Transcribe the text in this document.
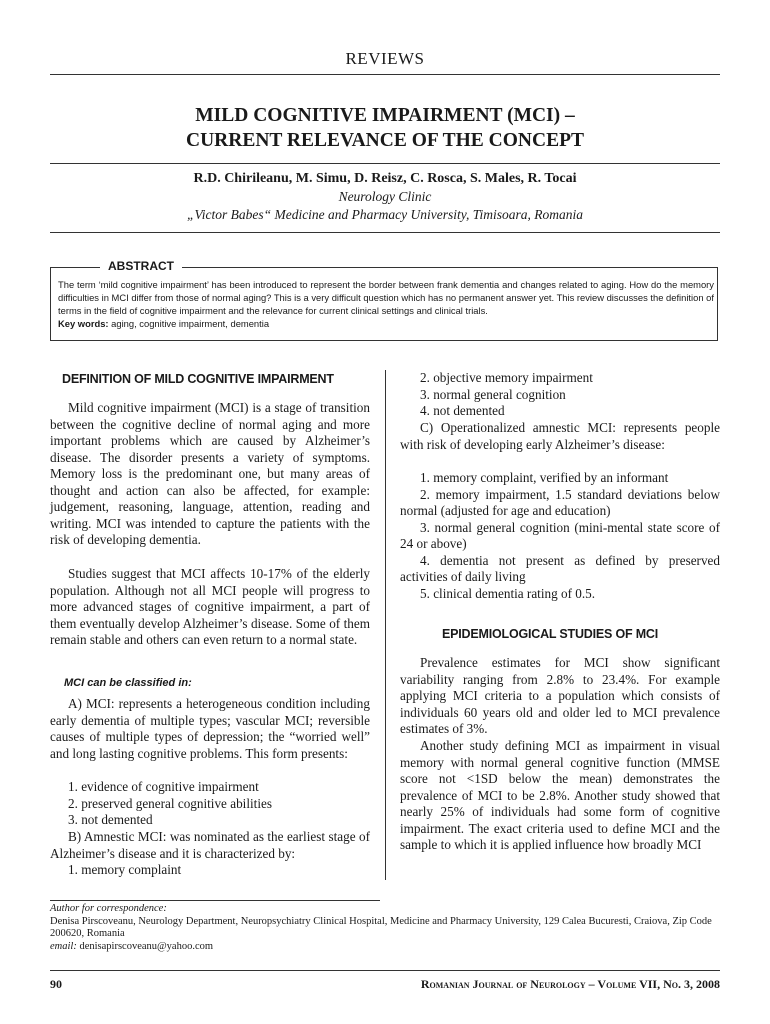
REVIEWS
MILD COGNITIVE IMPAIRMENT (MCI) –
CURRENT RELEVANCE OF THE CONCEPT
R.D. Chirileanu, M. Simu, D. Reisz, C. Rosca, S. Males, R. Tocai
Neurology Clinic
„Victor Babes“ Medicine and Pharmacy University, Timisoara, Romania
ABSTRACT
The term ‘mild cognitive impairment’ has been introduced to represent the border between frank dementia and changes related to aging. How do the memory difficulties in MCI differ from those of normal aging? This is a very difficult question which has no permanent answer yet. This review discusses the definition of terms in the field of cognitive impairment and the relevance for current clinical settings and clinical trials.
Key words: aging, cognitive impairment, dementia
DEFINITION OF MILD COGNITIVE IMPAIRMENT
Mild cognitive impairment (MCI) is a stage of transition between the cognitive decline of normal aging and more important problems which are caused by Alzheimer’s disease. The disorder presents a variety of symptoms. Memory loss is the predominant one, but many areas of thought and action can also be affected, for example: judgement, reasoning, language, attention, reading and writing. MCI was intended to capture the patients with the risk of developing dementia.
Studies suggest that MCI affects 10-17% of the elderly population. Although not all MCI people will progress to more advanced stages of cognitive impairment, a part of them eventually develop Alzheimer’s disease. Some of them remain stable and others can even return to a normal state.
MCI can be classified in:
A) MCI: represents a heterogeneous condition including early dementia of multiple types; vascular MCI; reversible causes of multiple types of depression; the “worried well” and long lasting cognitive problems. This form presents:
1. evidence of cognitive impairment
2. preserved general cognitive abilities
3. not demented
B) Amnestic MCI: was nominated as the earliest stage of Alzheimer’s disease and it is characterized by:
1. memory complaint
2. objective memory impairment
3. normal general cognition
4. not demented
C) Operationalized amnestic MCI: represents people with risk of developing early Alzheimer’s disease:
1. memory complaint, verified by an informant
2. memory impairment, 1.5 standard deviations below normal (adjusted for age and education)
3. normal general cognition (mini-mental state score of 24 or above)
4. dementia not present as defined by preserved activities of daily living
5. clinical dementia rating of 0.5.
EPIDEMIOLOGICAL STUDIES OF MCI
Prevalence estimates for MCI show significant variability ranging from 2.8% to 23.4%. For example applying MCI criteria to a population which consists of individuals 60 years old and older led to MCI prevalence estimates of 3%.
Another study defining MCI as impairment in visual memory with normal general cognitive function (MMSE score not <1SD below the mean) demonstrates the prevalence of MCI to be 2.8%. Another study showed that nearly 25% of individuals had some form of cognitive impairment. The exact criteria used to define MCI and the sample to which it is applied influence how broadly MCI
Author for correspondence:
Denisa Pirscoveanu, Neurology Department, Neuropsychiatry Clinical Hospital, Medicine and Pharmacy University, 129 Calea Bucuresti, Craiova, Zip Code 200620, Romania
email: denisapirscoveanu@yahoo.com
90	Romanian Journal of Neurology – Volume VII, No. 3, 2008
